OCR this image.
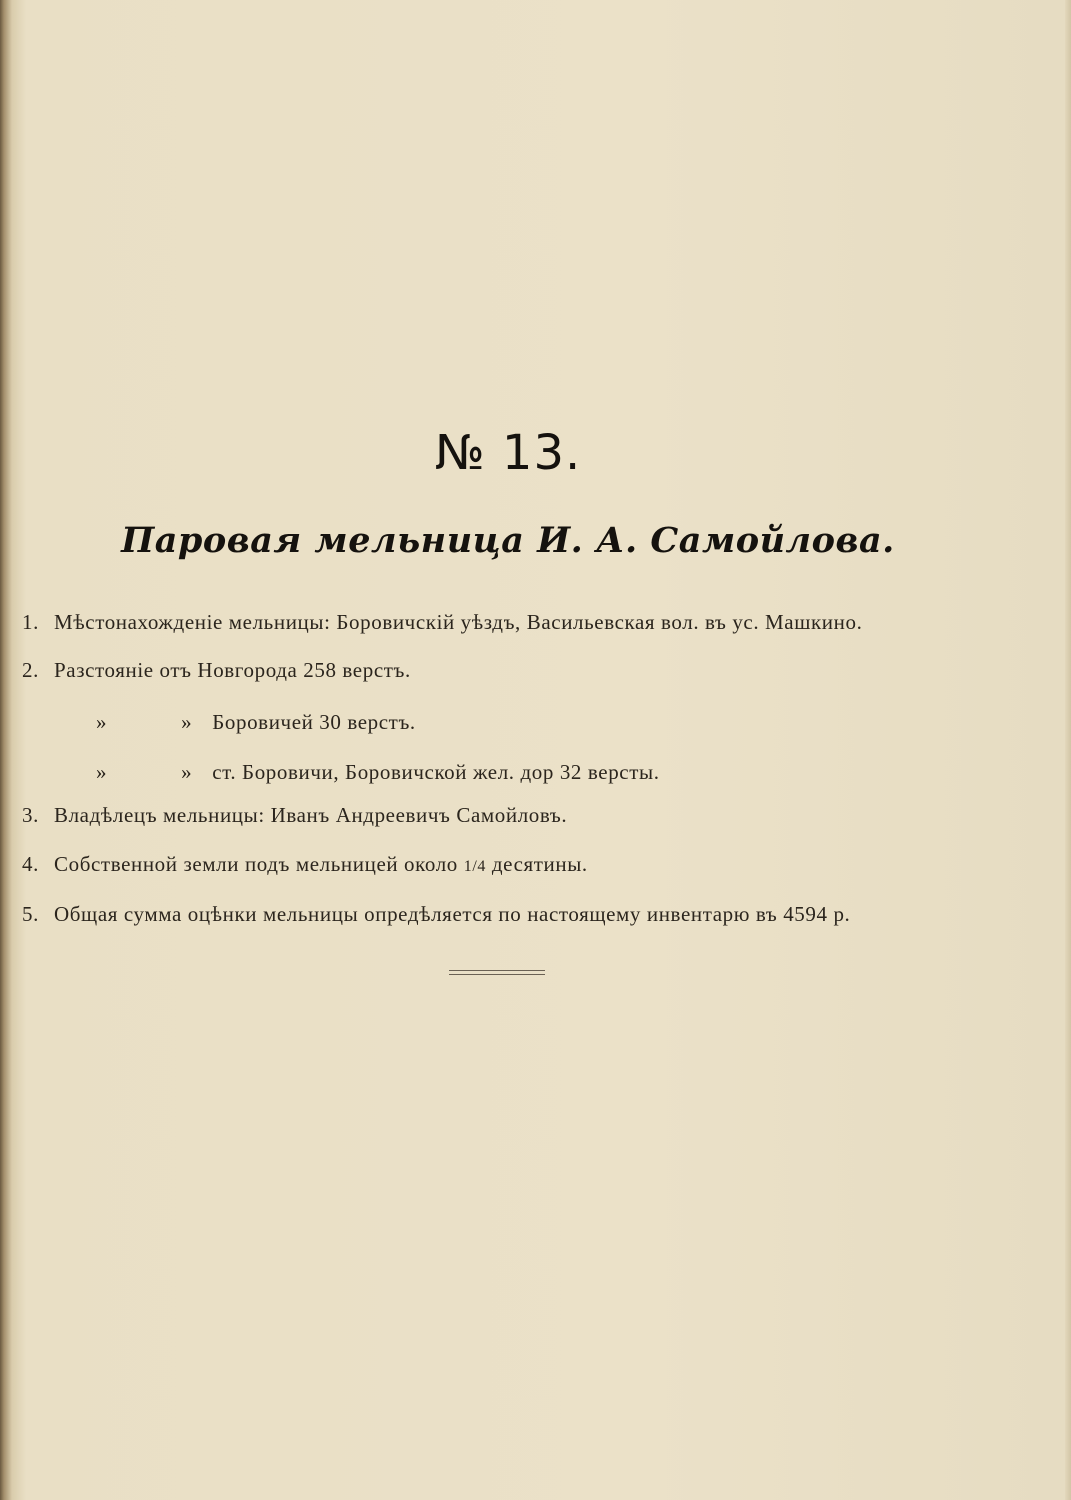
№ 13.
Паровая мельница И. А. Самойлова.
1. Мѣстонахожденіе мельницы: Боровичскій уѣздъ, Васильевская вол. въ ус. Машкино.
2. Разстояніе отъ Новгорода 258 верстъ.
»	» Боровичей 30 верстъ.
»	» ст. Боровичи, Боровичской жел. дор 32 версты.
3. Владѣлецъ мельницы: Иванъ Андреевичъ Самойловъ.
4. Собственной земли подъ мельницей около 1/4 десятины.
5. Общая сумма оцѣнки мельницы опредѣляется по настоящему инвентарю въ 4594 р.
